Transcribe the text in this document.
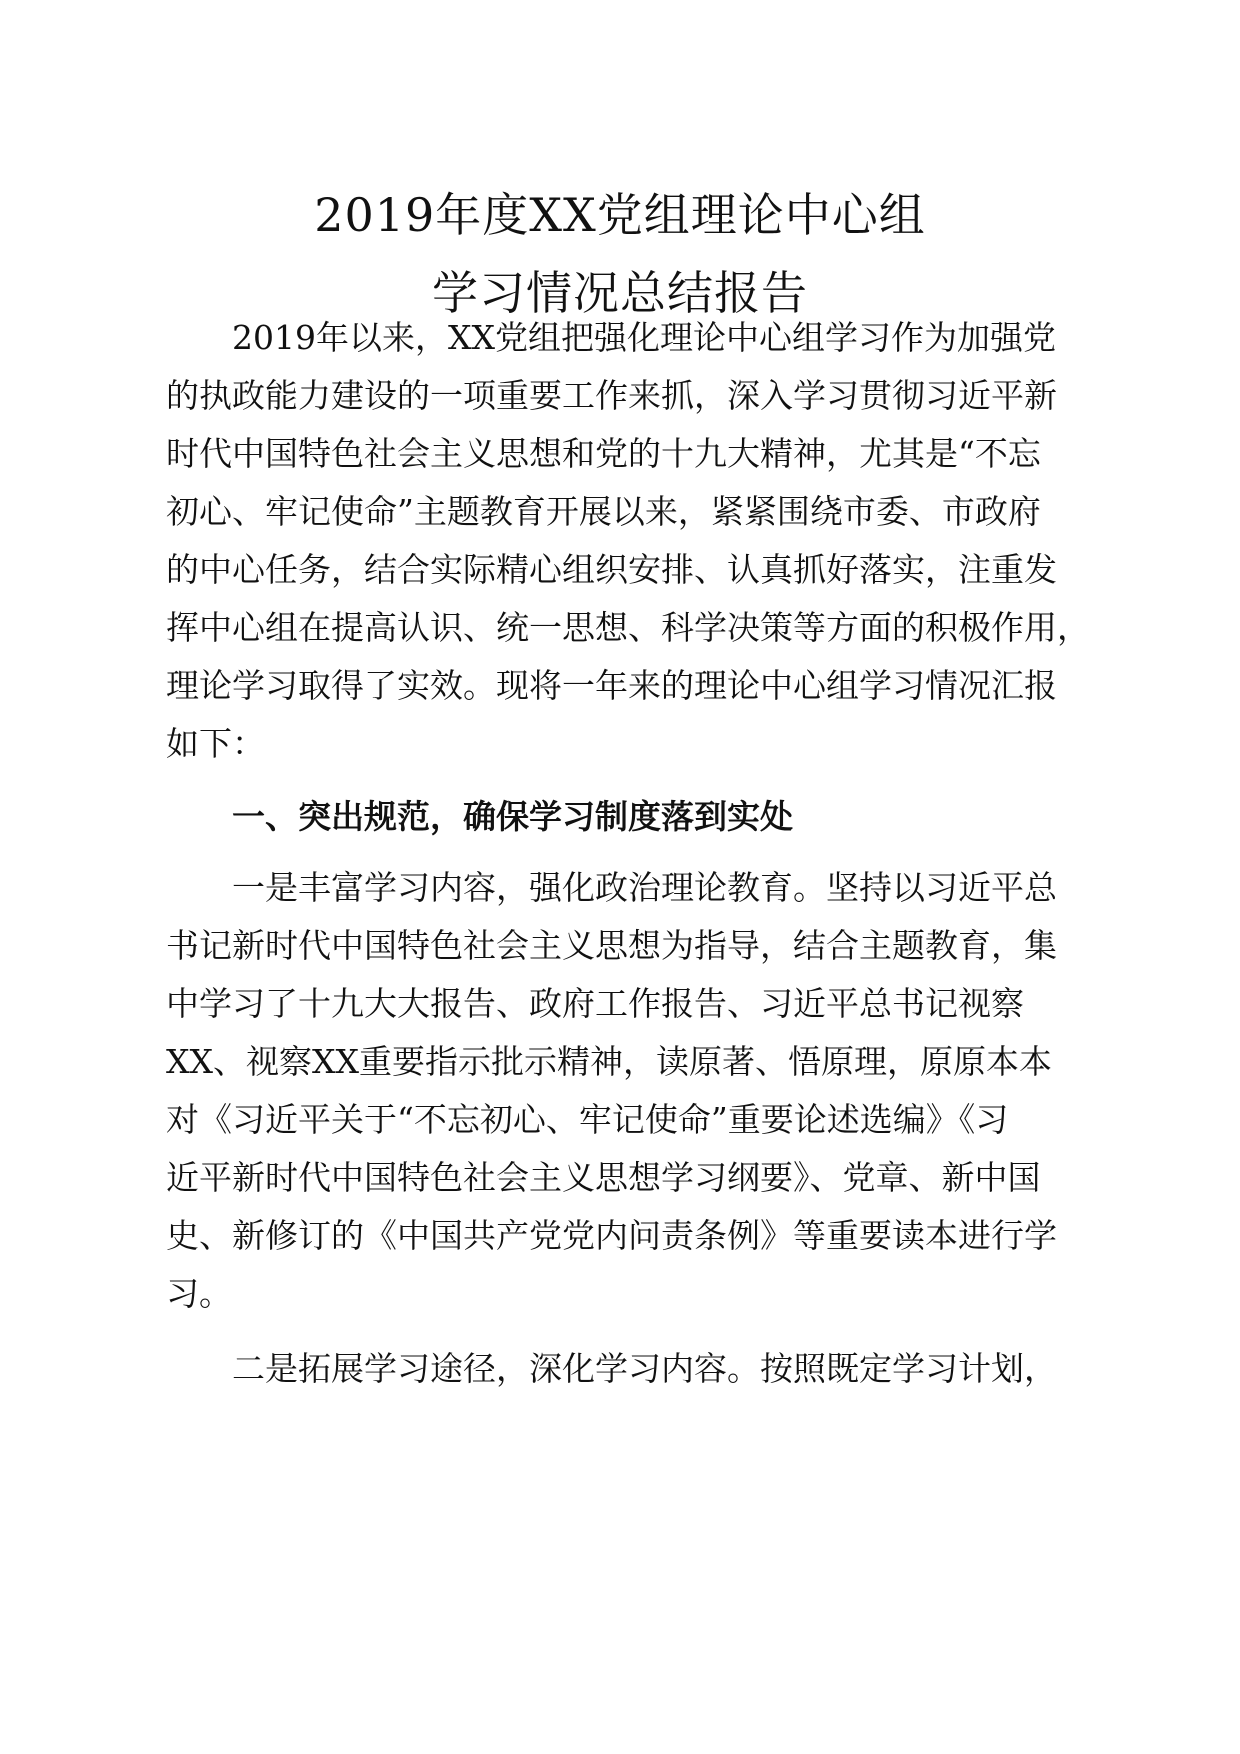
2019年度XX党组理论中心组
学习情况总结报告
2019年以来，XX党组把强化理论中心组学习作为加强党
的执政能力建设的一项重要工作来抓，深入学习贯彻习近平新
时代中国特色社会主义思想和党的十九大精神，尤其是“不忘
初心、牢记使命”主题教育开展以来，紧紧围绕市委、市政府
的中心任务，结合实际精心组织安排、认真抓好落实，注重发
挥中心组在提高认识、统一思想、科学决策等方面的积极作用，
理论学习取得了实效。现将一年来的理论中心组学习情况汇报
如下：
一、突出规范，确保学习制度落到实处
一是丰富学习内容，强化政治理论教育。坚持以习近平总
书记新时代中国特色社会主义思想为指导，结合主题教育，集
中学习了十九大大报告、政府工作报告、习近平总书记视察
XX、视察XX重要指示批示精神，读原著、悟原理，原原本本
对《习近平关于“不忘初心、牢记使命”重要论述选编》《习
近平新时代中国特色社会主义思想学习纲要》、党章、新中国
史、新修订的《中国共产党党内问责条例》等重要读本进行学
习。
二是拓展学习途径，深化学习内容。按照既定学习计划，
